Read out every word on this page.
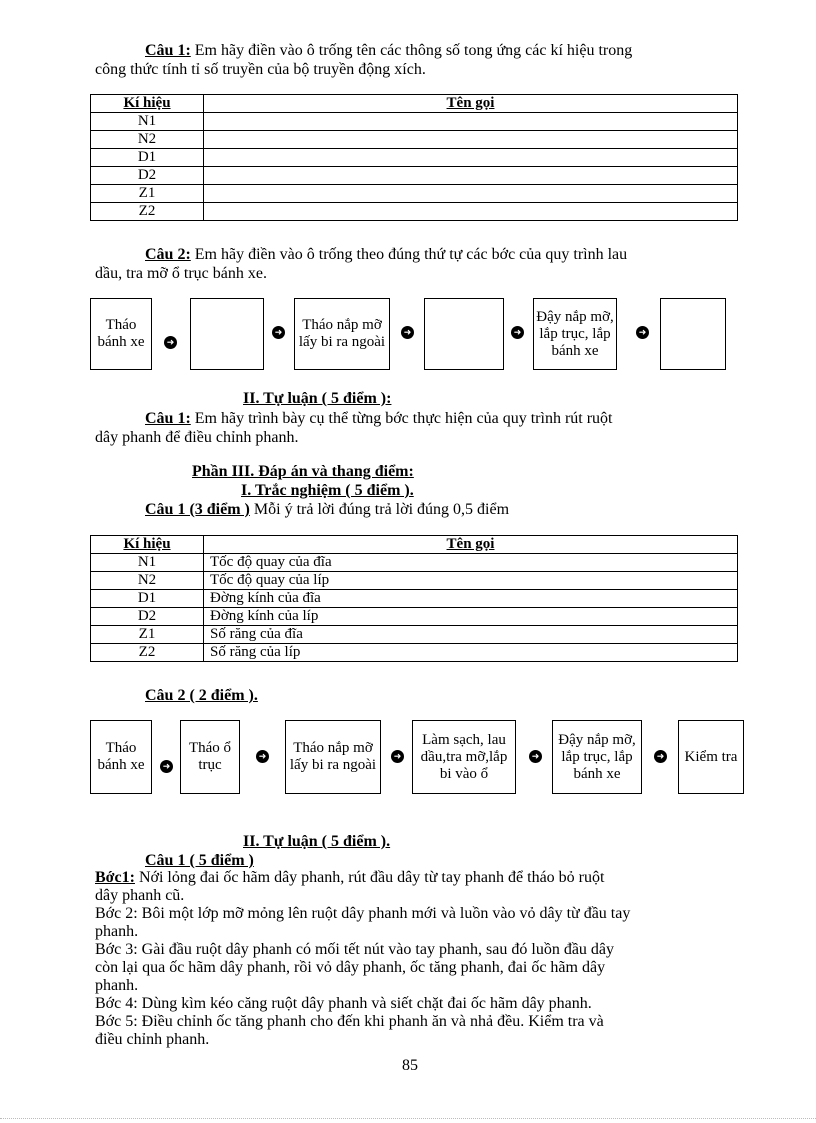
Câu 1: Em hãy điền vào ô trống tên các thông số tong ứng các kí hiệu trong
công thức tính tỉ số truyền của bộ truyền động xích.
Kí hiệu	Tên gọi
N1	
N2	
D1	
D2	
Z1	
Z2	
Câu 2: Em hãy điền vào ô trống theo đúng thứ tự các bớc của quy trình lau
dầu, tra mỡ ổ trục bánh xe.
Tháo bánh xe	➜
➜	Tháo nắp mỡ lấy bi ra ngoài
➜	➜
Đậy nắp mỡ, lắp trục, lắp bánh xe
➜
II. Tự luận ( 5 điểm ):
Câu 1: Em hãy trình bày cụ thể từng bớc thực hiện của quy trình rút ruột
dây phanh để điều chỉnh phanh.
Phần III. Đáp án và thang điểm:
I. Trắc nghiệm ( 5 điểm ).
Câu 1 (3 điểm ) Mỗi ý trả lời đúng trả lời đúng 0,5 điểm
Kí hiệu	Tên gọi
N1	Tốc độ quay của đĩa
N2	Tốc độ quay của líp
D1	Đờng kính của đĩa
D2	Đờng kính của líp
Z1	Số răng của đĩa
Z2	Số răng của líp
Câu 2 ( 2 điểm ).
Tháo bánh xe	➜
Tháo ổ trục
➜	Tháo nắp mỡ lấy bi ra ngoài
➜
Làm sạch, lau dầu,tra mỡ,lắp bi vào ổ
➜
Đậy nắp mỡ, lắp trục, lắp bánh xe
➜ Kiểm tra
II. Tự luận ( 5 điểm ).
Câu 1 ( 5 điểm )
Bớc1: Nới lỏng đai ốc hãm dây phanh, rút đầu dây từ tay phanh để tháo bỏ ruột
dây phanh cũ.
Bớc 2: Bôi một lớp mỡ mỏng lên ruột dây phanh mới và luồn vào vỏ dây từ đầu tay
phanh.
Bớc 3: Gài đầu ruột dây phanh có mối tết nút vào tay phanh, sau đó luồn đầu dây
còn lại qua ốc hãm dây phanh, rồi vỏ dây phanh, ốc tăng phanh, đai ốc hãm dây
phanh.
Bớc 4: Dùng kìm kéo căng ruột dây phanh và siết chặt đai ốc hãm dây phanh.
Bớc 5: Điều chỉnh ốc tăng phanh cho đến khi phanh ăn và nhả đều. Kiểm tra và
điều chỉnh phanh.
85
